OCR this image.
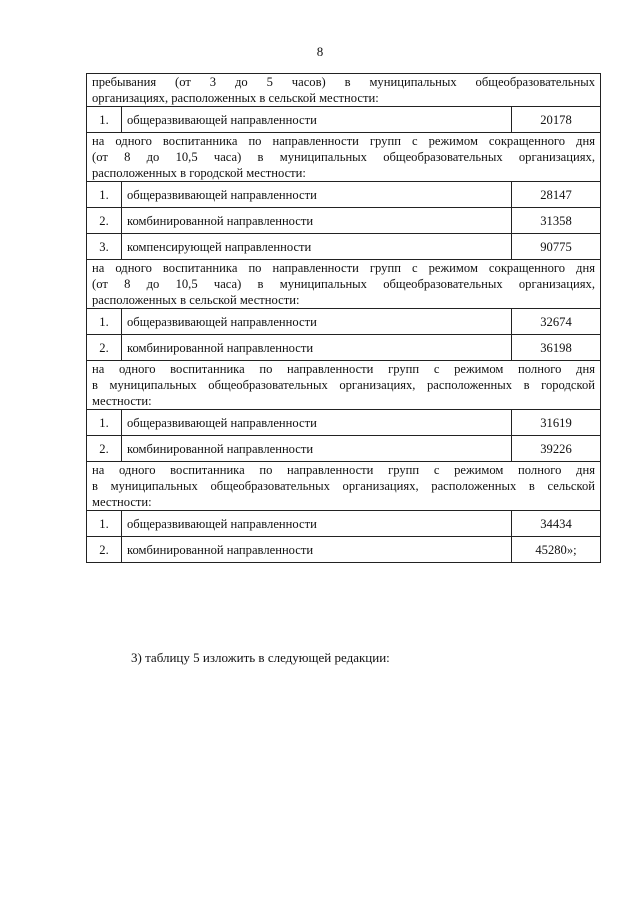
8
пребывания (от 3 до 5 часов) в муниципальных общеобразовательных
организациях, расположенных в сельской местности:		

1.	общеразвивающей направленности	20178

на одного воспитанника по направленности групп с режимом сокращенного дня
(от 8 до 10,5 часа) в муниципальных общеобразовательных организациях,
расположенных в городской местности:		

1.	общеразвивающей направленности	28147
2.	комбинированной направленности	31358
3.	компенсирующей направленности	90775

на одного воспитанника по направленности групп с режимом сокращенного дня
(от 8 до 10,5 часа) в муниципальных общеобразовательных организациях,
расположенных в сельской местности:		

1.	общеразвивающей направленности	32674
2.	комбинированной направленности	36198

на одного воспитанника по направленности групп с режимом полного дня
в муниципальных общеобразовательных организациях, расположенных в городской
местности:		

1.	общеразвивающей направленности	31619
2.	комбинированной направленности	39226

на одного воспитанника по направленности групп с режимом полного дня
в муниципальных общеобразовательных организациях, расположенных в сельской
местности:		

1.	общеразвивающей направленности	34434
2.	комбинированной направленности	45280»;
3) таблицу 5 изложить в следующей редакции:
